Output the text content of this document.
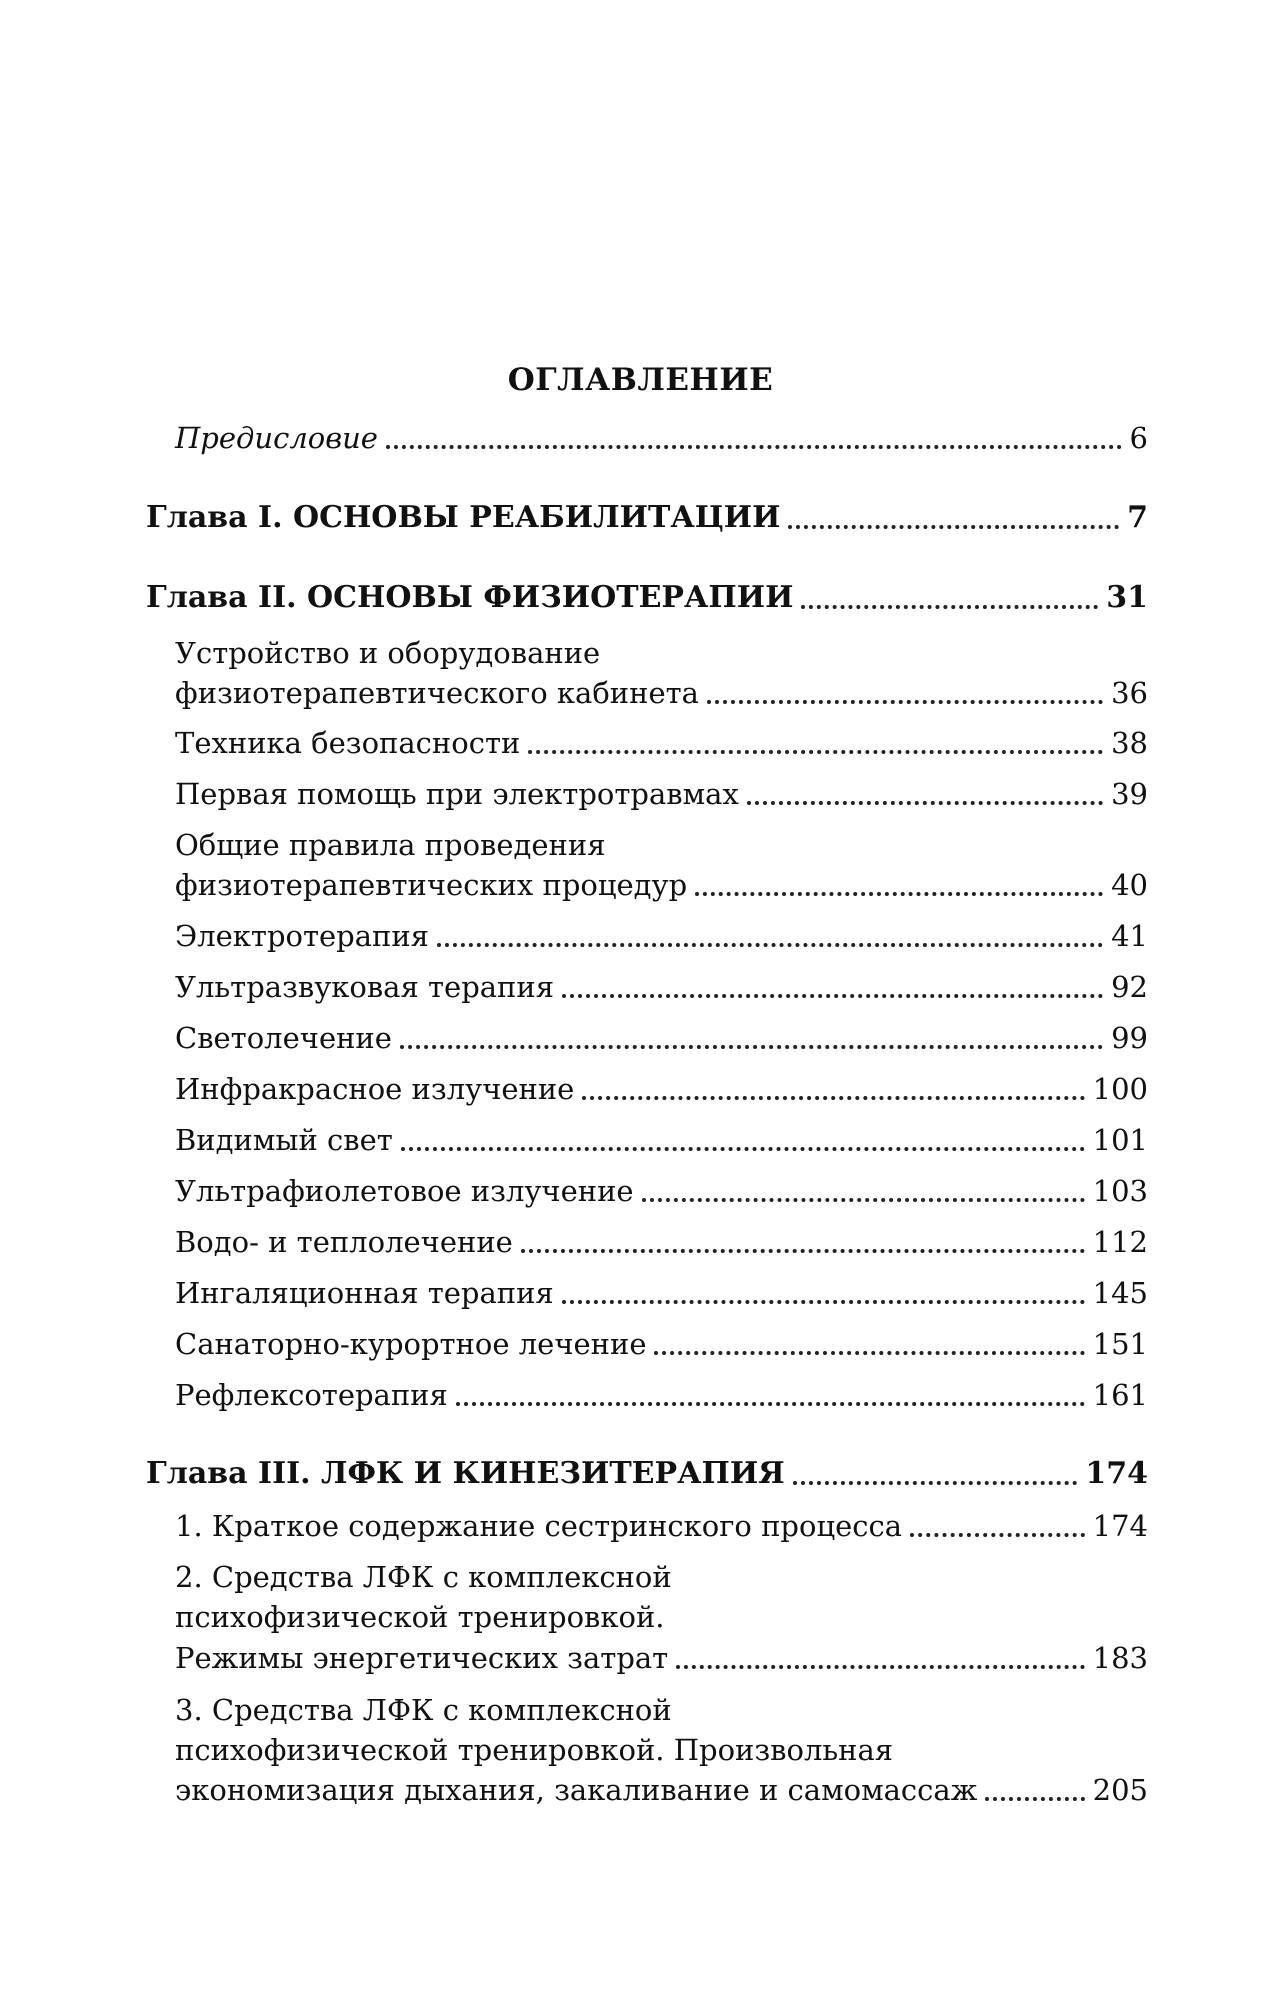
ОГЛАВЛЕНИЕ
Предисловие	6
Глава I. ОСНОВЫ РЕАБИЛИТАЦИИ	7
Глава II. ОСНОВЫ ФИЗИОТЕРАПИИ	31
Устройство и оборудование
физиотерапевтического кабинета	36
Техника безопасности	38
Первая помощь при электротравмах	39
Общие правила проведения
физиотерапевтических процедур	40
Электротерапия	41
Ультразвуковая терапия	92
Светолечение	99
Инфракрасное излучение	100
Видимый свет	101
Ультрафиолетовое излучение	103
Водо- и теплолечение	112
Ингаляционная терапия	145
Санаторно-курортное лечение	151
Рефлексотерапия	161
Глава III. ЛФК И КИНЕЗИТЕРАПИЯ	174
1. Краткое содержание сестринского процесса	174
2. Средства ЛФК с комплексной
психофизической тренировкой.
Режимы энергетических затрат	183
3. Средства ЛФК с комплексной
психофизической тренировкой. Произвольная
экономизация дыхания, закаливание и самомассаж	205
